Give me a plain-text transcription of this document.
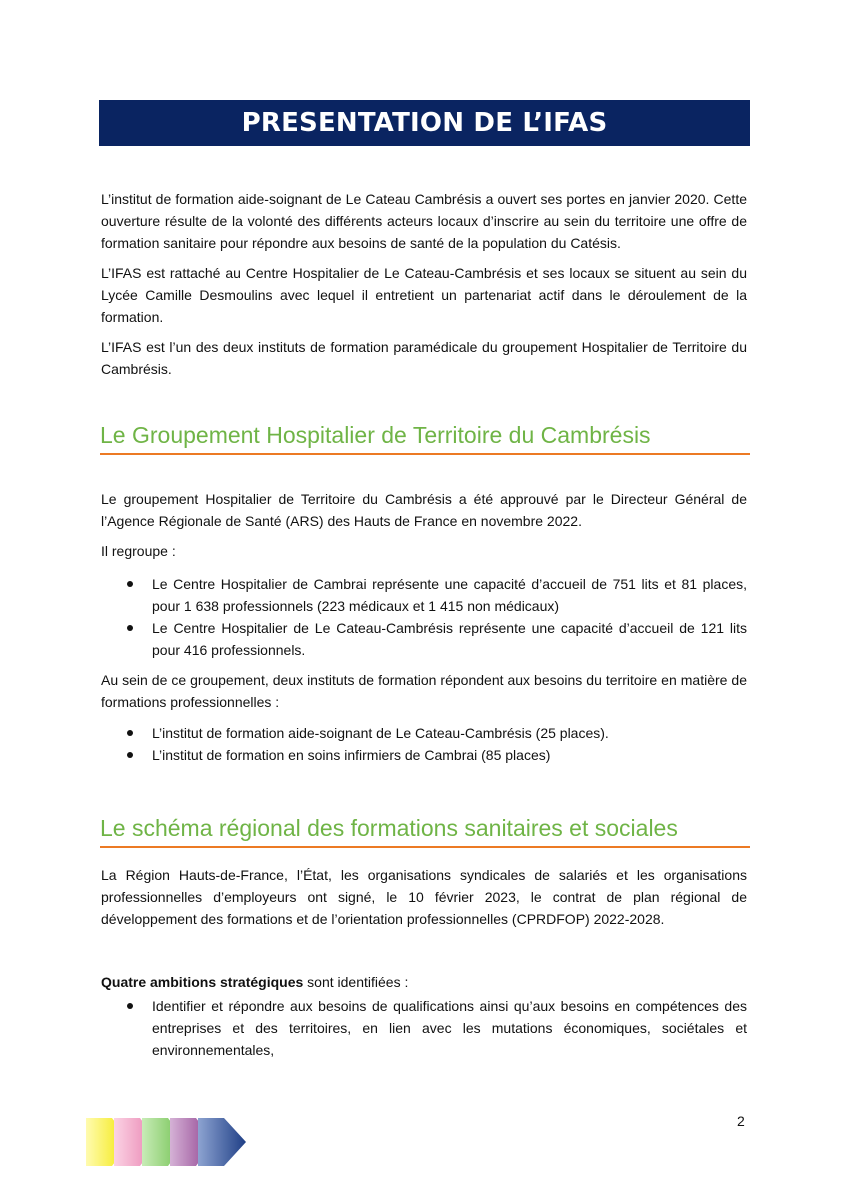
PRESENTATION DE L’IFAS
L’institut de formation aide-soignant de Le Cateau Cambrésis a ouvert ses portes en janvier 2020. Cette ouverture résulte de la volonté des différents acteurs locaux d’inscrire au sein du territoire une offre de formation sanitaire pour répondre aux besoins de santé de la population du Catésis.
L’IFAS est rattaché au Centre Hospitalier de Le Cateau-Cambrésis et ses locaux se situent au sein du Lycée Camille Desmoulins avec lequel il entretient un partenariat actif dans le déroulement de la formation.
L’IFAS est l’un des deux instituts de formation paramédicale du groupement Hospitalier de Territoire du Cambrésis.
Le Groupement Hospitalier de Territoire du Cambrésis
Le groupement Hospitalier de Territoire du Cambrésis a été approuvé par le Directeur Général de l’Agence Régionale de Santé (ARS) des Hauts de France en novembre 2022.
Il regroupe :
Le Centre Hospitalier de Cambrai représente une capacité d’accueil de 751 lits et 81 places, pour 1 638 professionnels (223 médicaux et 1 415 non médicaux)
Le Centre Hospitalier de Le Cateau-Cambrésis représente une capacité d’accueil de 121 lits pour 416 professionnels.
Au sein de ce groupement, deux instituts de formation répondent aux besoins du territoire en matière de formations professionnelles :
L’institut de formation aide-soignant de Le Cateau-Cambrésis (25 places).
L’institut de formation en soins infirmiers de Cambrai (85 places)
Le schéma régional des formations sanitaires et sociales
La Région Hauts-de-France, l’État, les organisations syndicales de salariés et les organisations professionnelles d’employeurs ont signé, le 10 février 2023, le contrat de plan régional de développement des formations et de l’orientation professionnelles (CPRDFOP) 2022-2028.
Quatre ambitions stratégiques sont identifiées :
Identifier et répondre aux besoins de qualifications ainsi qu’aux besoins en compétences des entreprises et des territoires, en lien avec les mutations économiques, sociétales et environnementales,
2
